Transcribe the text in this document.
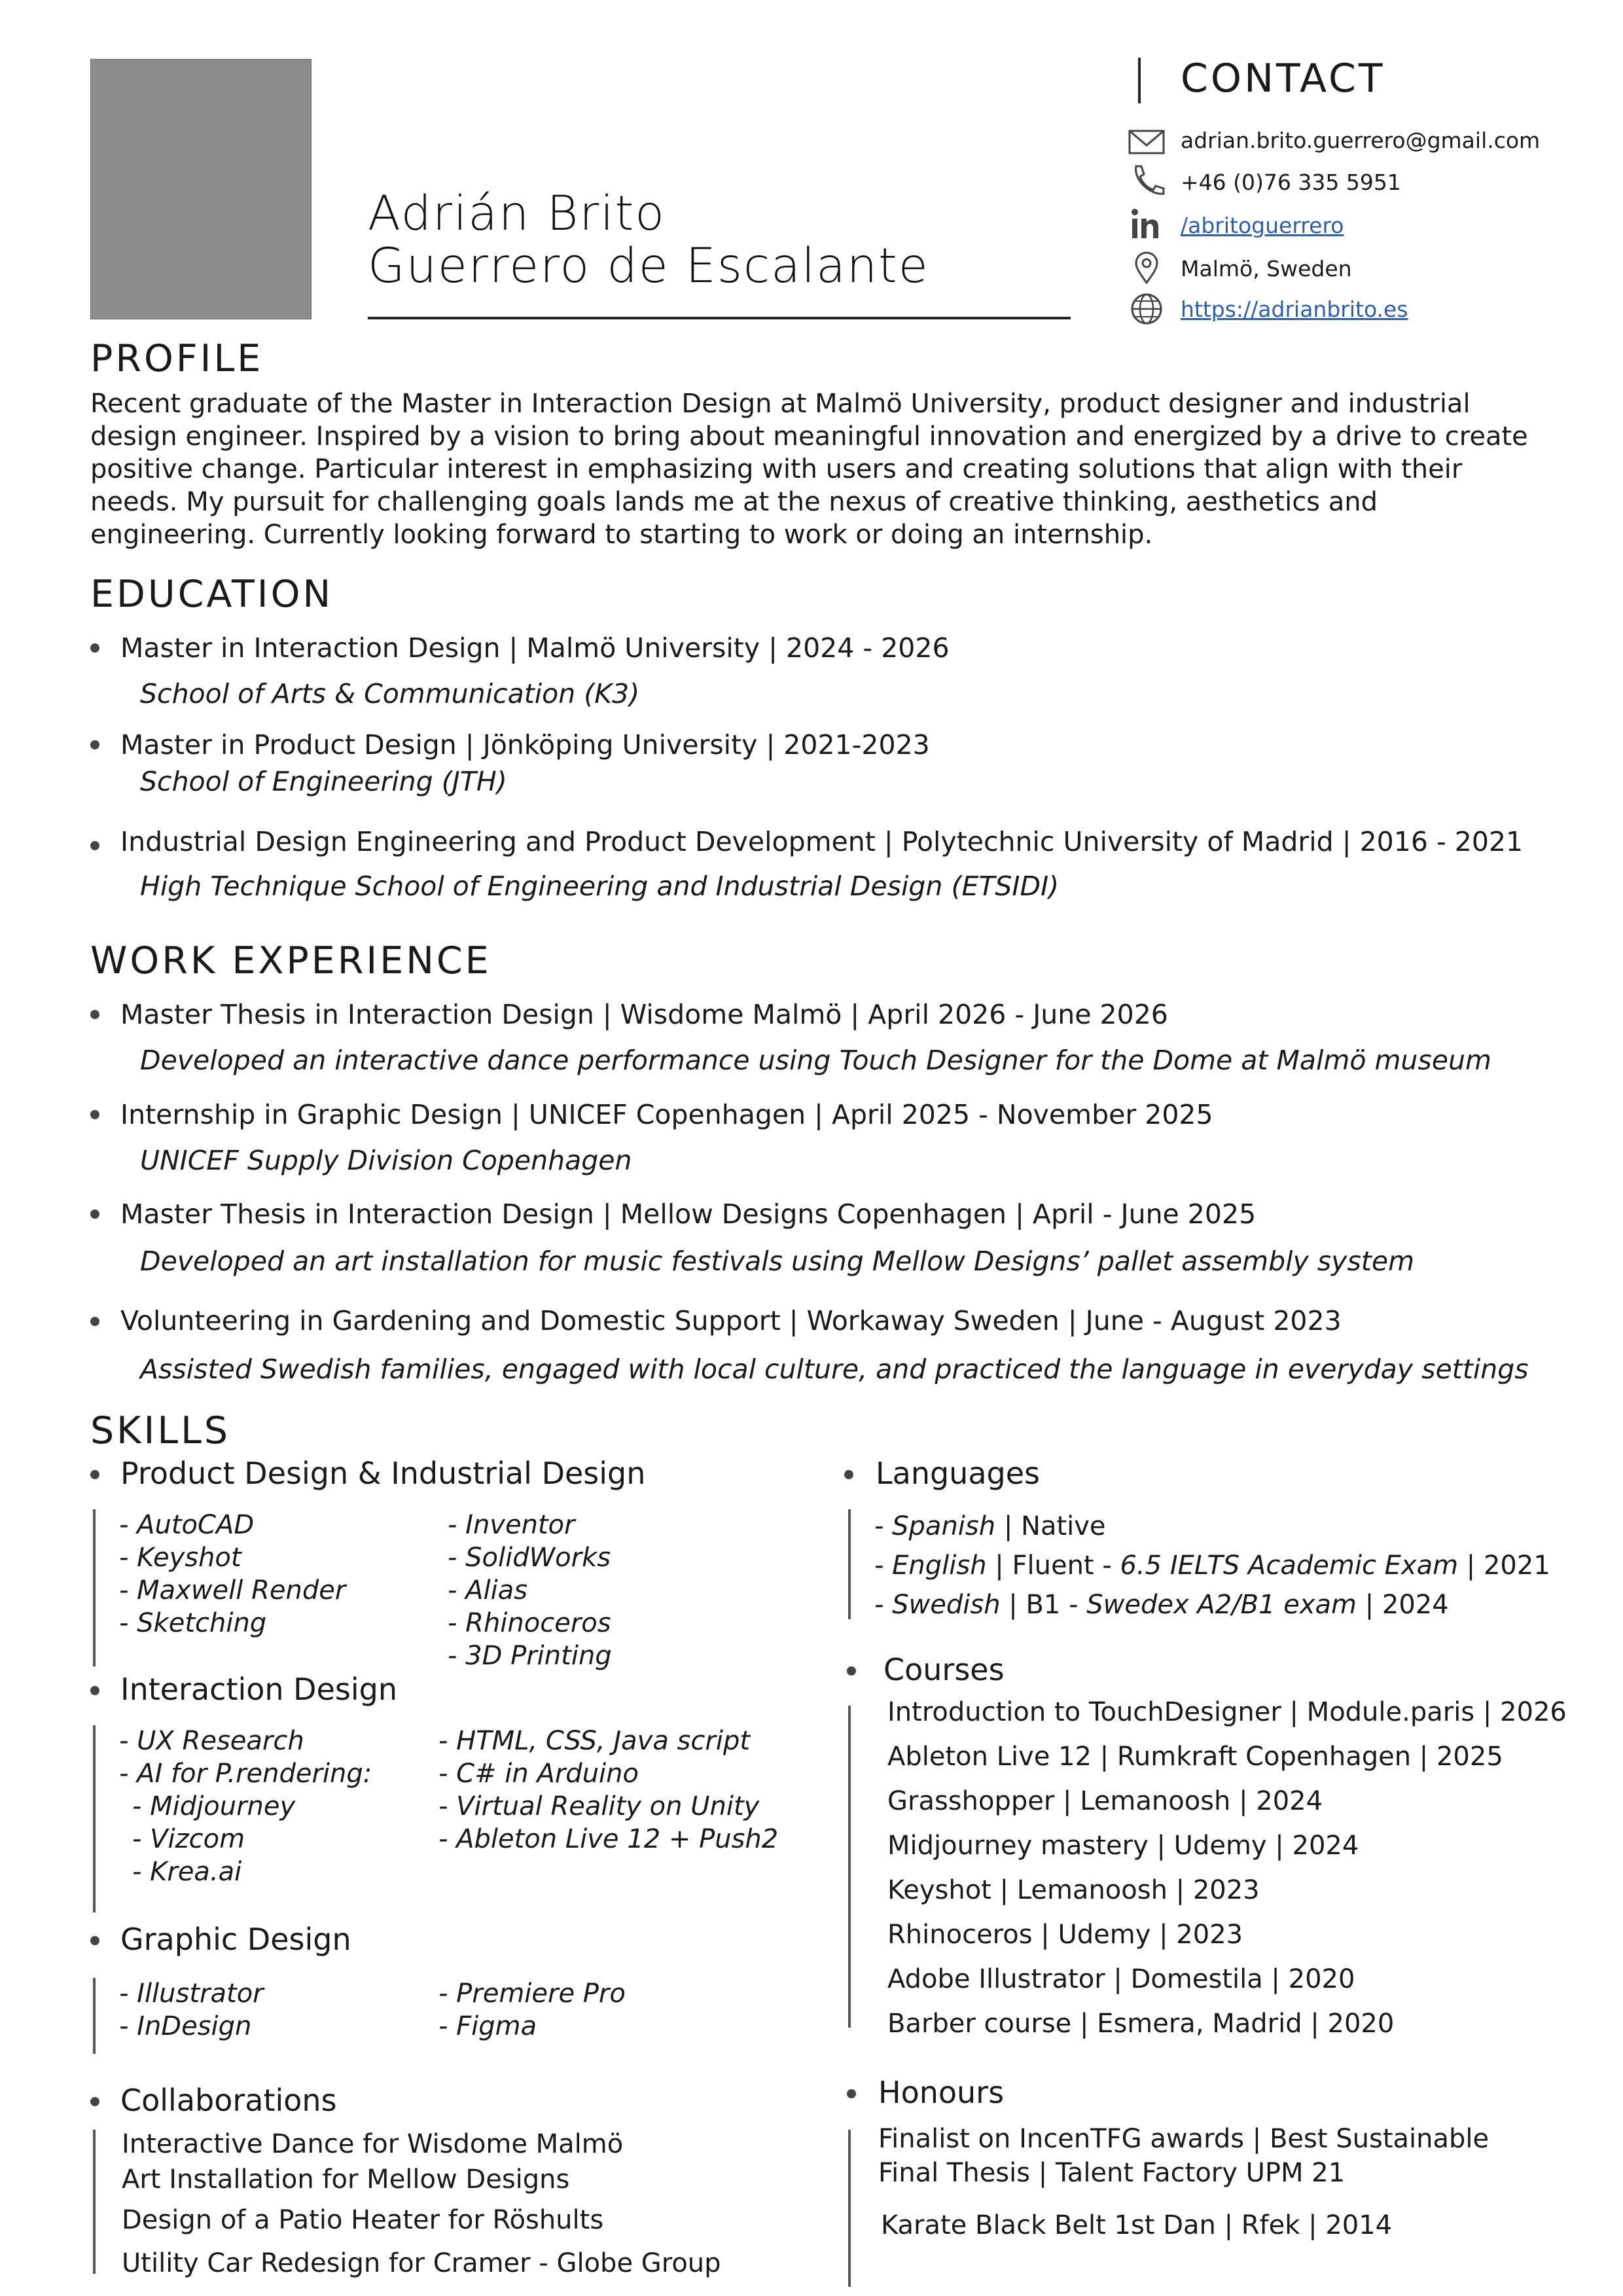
Adrián Brito
Guerrero de Escalante
CONTACT
adrian.brito.guerrero@gmail.com
+46 (0)76 335 5951
/abritoguerrero
Malmö, Sweden
https://adrianbrito.es
PROFILE
Recent graduate of the Master in Interaction Design at Malmö University, product designer and industrial design engineer. Inspired by a vision to bring about meaningful innovation and energized by a drive to create positive change. Particular interest in emphasizing with users and creating solutions that align with their needs. My pursuit for challenging goals lands me at the nexus of creative thinking, aesthetics and engineering. Currently looking forward to starting to work or doing an internship.
EDUCATION
Master in Interaction Design | Malmö University | 2024 - 2026
School of Arts & Communication (K3)
Master in Product Design | Jönköping University | 2021-2023
School of Engineering (JTH)
Industrial Design Engineering and Product Development | Polytechnic University of Madrid | 2016 - 2021
High Technique School of Engineering and Industrial Design (ETSIDI)
WORK EXPERIENCE
Master Thesis in Interaction Design | Wisdome Malmö | April 2026 - June 2026
Developed an interactive dance performance using Touch Designer for the Dome at Malmö museum
Internship in Graphic Design | UNICEF Copenhagen | April 2025 - November 2025
UNICEF Supply Division Copenhagen
Master Thesis in Interaction Design | Mellow Designs Copenhagen | April - June 2025
Developed an art installation for music festivals using Mellow Designs’ pallet assembly system
Volunteering in Gardening and Domestic Support | Workaway Sweden | June - August 2023
Assisted Swedish families, engaged with local culture, and practiced the language in everyday settings
SKILLS
Product Design & Industrial Design
- AutoCAD
- Keyshot
- Maxwell Render
- Sketching
- Inventor
- SolidWorks
- Alias
- Rhinoceros
- 3D Printing
Interaction Design
- UX Research
- AI for P.rendering:
- Midjourney
- Vizcom
- Krea.ai
- HTML, CSS, Java script
- C# in Arduino
- Virtual Reality on Unity
- Ableton Live 12 + Push2
Graphic Design
- Illustrator
- InDesign
- Premiere Pro
- Figma
Collaborations
Interactive Dance for Wisdome Malmö
Art Installation for Mellow Designs
Design of a Patio Heater for Röshults
Utility Car Redesign for Cramer - Globe Group
Languages
- Spanish | Native
- English | Fluent - 6.5 IELTS Academic Exam | 2021
- Swedish | B1 - Swedex A2/B1 exam | 2024
Courses
Introduction to TouchDesigner | Module.paris | 2026
Ableton Live 12 | Rumkraft Copenhagen | 2025
Grasshopper | Lemanoosh | 2024
Midjourney mastery | Udemy | 2024
Keyshot | Lemanoosh | 2023
Rhinoceros | Udemy | 2023
Adobe Illustrator | Domestila | 2020
Barber course | Esmera, Madrid | 2020
Honours
Finalist on IncenTFG awards | Best Sustainable
Final Thesis | Talent Factory UPM 21
Karate Black Belt 1st Dan | Rfek | 2014
